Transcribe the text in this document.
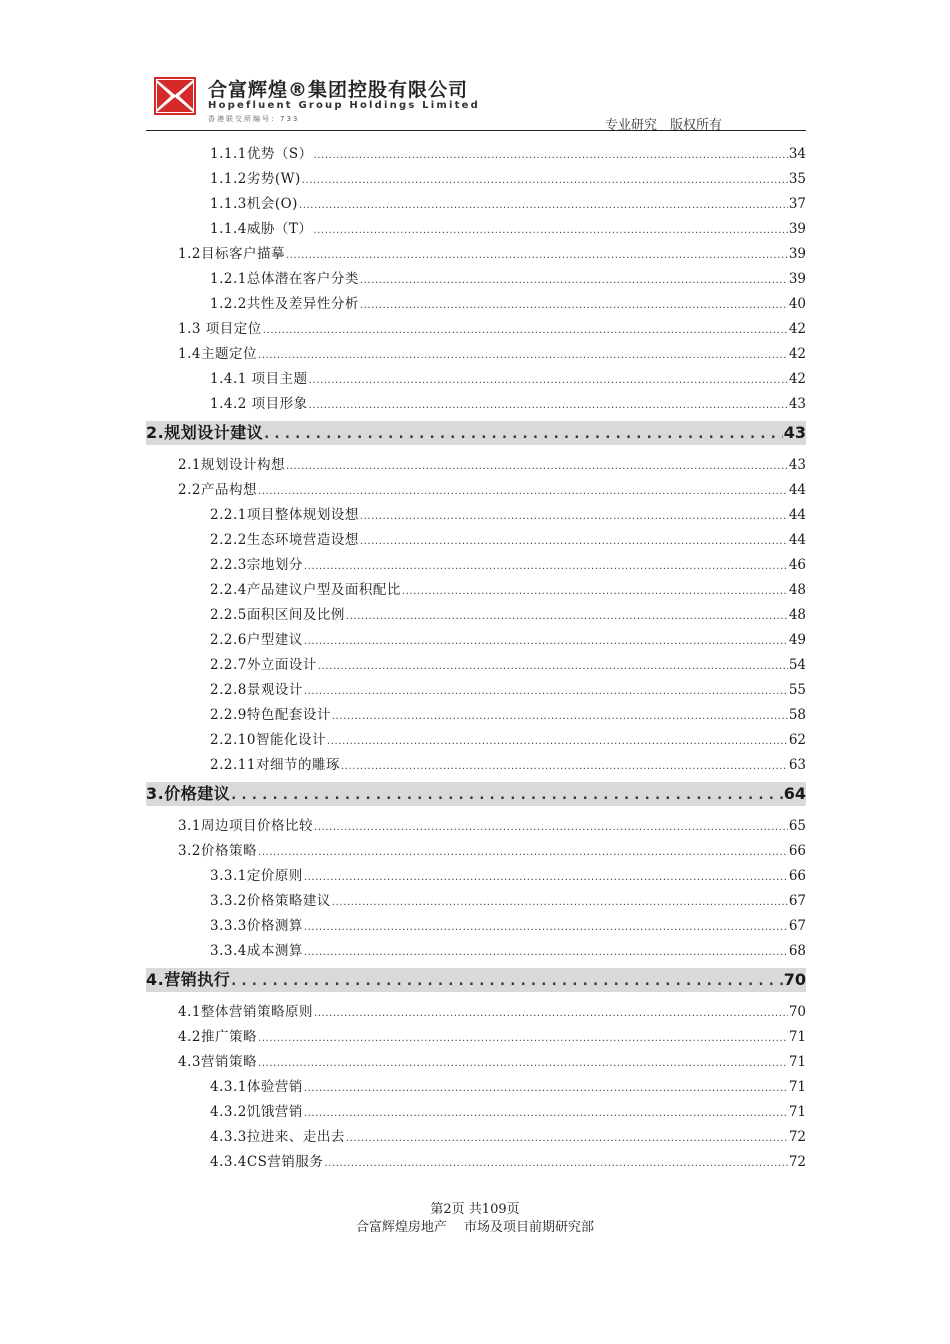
合富辉煌®集团控股有限公司
Hopefluent Group Holdings Limited
香港联交所编号：733	专业研究　版权所有
1.1.1优势（S） .....	34
1.1.2劣势(W) .....	35
1.1.3机会(O) .....	37
1.1.4威胁（T） .....	39
1.2目标客户描摹 .....	39
1.2.1总体潜在客户分类 .....	39
1.2.2共性及差异性分析 .....	40
1.3 项目定位 .....	42
1.4主题定位 .....	42
1.4.1 项目主题 .....	42
1.4.2 项目形象 .....	43
2.规划设计建议 .....	43
2.1规划设计构想 .....	43
2.2产品构想 .....	44
2.2.1项目整体规划设想 .....	44
2.2.2生态环境营造设想 .....	44
2.2.3宗地划分 .....	46
2.2.4产品建议户型及面积配比 .....	48
2.2.5面积区间及比例 .....	48
2.2.6户型建议 .....	49
2.2.7外立面设计 .....	54
2.2.8景观设计 .....	55
2.2.9特色配套设计 .....	58
2.2.10智能化设计 .....	62
2.2.11对细节的雕琢 .....	63
3.价格建议 .....	64
3.1周边项目价格比较 .....	65
3.2价格策略 .....	66
3.3.1定价原则 .....	66
3.3.2价格策略建议 .....	67
3.3.3价格测算 .....	67
3.3.4成本测算 .....	68
4.营销执行 .....	70
4.1整体营销策略原则 .....	70
4.2推广策略 .....	71
4.3营销策略 .....	71
4.3.1体验营销 .....	71
4.3.2饥饿营销 .....	71
4.3.3拉进来、走出去 .....	72
4.3.4CS营销服务 .....	72
第2页 共109页
合富辉煌房地产　 市场及项目前期研究部
